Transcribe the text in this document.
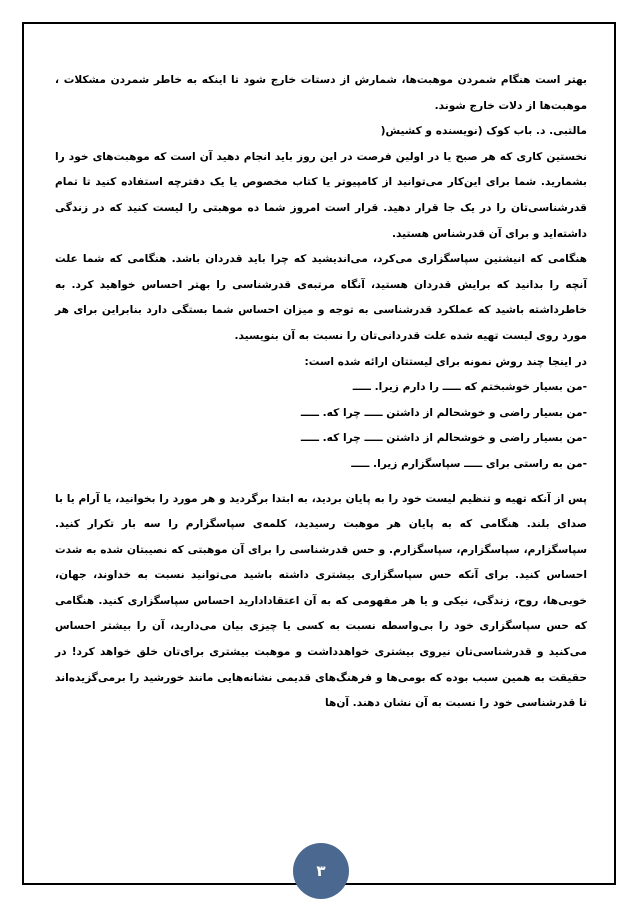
بهتر است هنگام شمردن موهبت‌ها، شمارش از دستات خارج شود تا اینکه به خاطر شمردن مشکلات ، موهبت‌ها از دلات خارج شوند.

مالتبی. د. باب کوک (نویسنده و کشیش(

نخستین کاری که هر صبح یا در اولین فرصت در این روز باید انجام دهید آن است که موهبت‌های خود را بشمارید. شما برای این‌کار می‌توانید از کامپیوتر یا کتاب مخصوص یا یک دفترچه استفاده کنید تا تمام قدرشناسی‌تان را در یک جا قرار دهید. قرار است امروز شما ده موهبتی را لیست کنید که در زندگی داشته‌اید و برای آن قدرشناس هستید.

هنگامی که انیشتین سپاسگزاری می‌کرد، می‌اندیشید که چرا باید قدردان باشد. هنگامی که شما علت آنچه را بدانید که برایش قدردان هستید، آنگاه مرتبه‌ی قدرشناسی را بهتر احساس خواهید کرد. به خاطرداشته باشید که عملکرد قدرشناسی به توجه و میزان احساس شما بستگی دارد بنابراین برای هر مورد روی لیست تهیه شده علت قدردانی‌تان را نسبت به آن بنویسید.

در اینجا چند روش نمونه برای لیستتان ارائه شده است:

-من بسیار خوشبختم که ـــــ را دارم زیرا. ـــــ
-من بسیار راضی و خوشحالم از داشتن ـــــ چرا که. ـــــ
-من بسیار راضی و خوشحالم از داشتن ـــــ چرا که. ـــــ
-من به راستی برای ـــــ سپاسگزارم زیرا. ـــــ

پس از آنکه تهیه و تنظیم لیست خود را به پایان بردید، به ابتدا برگردید و هر مورد را بخوانید، یا آرام یا با صدای بلند. هنگامی که به پایان هر موهبت رسیدید، کلمه‌ی سپاسگزارم را سه بار تکرار کنید. سپاسگزارم، سپاسگزارم، سپاسگزارم. و حس قدرشناسی را برای آن موهبتی که نصیبتان شده به شدت احساس کنید. برای آنکه حس سپاسگزاری بیشتری داشته باشید می‌توانید نسبت به خداوند، جهان، خوبی‌ها، روح، زندگی، نیکی و یا هر مفهومی که به آن اعتقادادارید احساس سپاسگزاری کنید. هنگامی که حس سپاسگزاری خود را بی‌واسطه نسبت به کسی یا چیزی بیان می‌دارید، آن را بیشتر احساس می‌کنید و قدرشناسی‌تان نیروی بیشتری خواهدداشت و موهبت بیشتری برای‌تان خلق خواهد کرد! در حقیقت به همین سبب بوده که بومی‌ها و فرهنگ‌های قدیمی نشانه‌هایی مانند خورشید را برمی‌گزیده‌اند تا قدرشناسی خود را نسبت به آن نشان دهند. آن‌ها

۳
